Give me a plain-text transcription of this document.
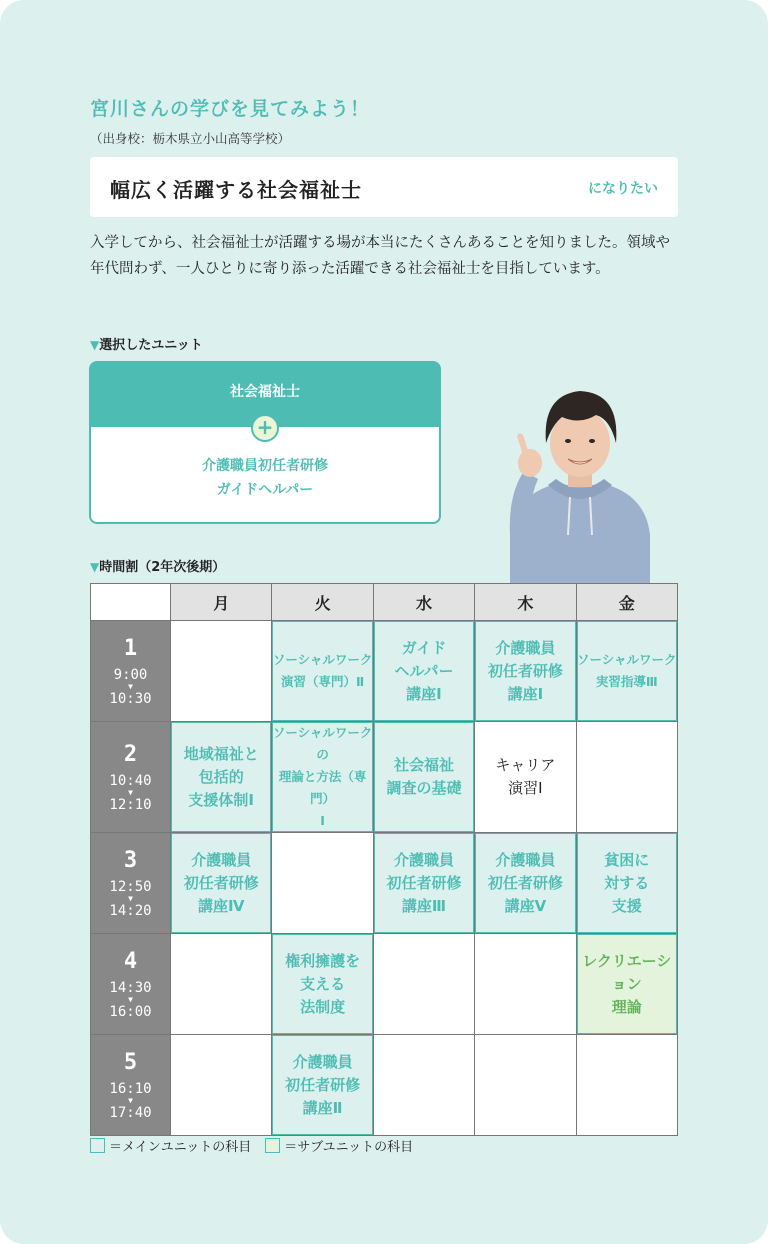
宮川さんの学びを見てみよう！
（出身校：栃木県立小山高等学校）
幅広く活躍する社会福祉士	になりたい

入学してから、社会福祉士が活躍する場が本当にたくさんあることを知りました。領域や年代問わず、一人ひとりに寄り添った活躍できる社会福祉士を目指しています。

▼選択したユニット
社会福祉士
介護職員初任者研修
ガイドヘルパー
+
▼時間割（2年次後期）
	月	火	水	木	金

1
9:00
▼
10:30		ソーシャルワーク
演習（専門）Ⅱ	ガイド
ヘルパー
講座Ⅰ	介護職員
初任者研修
講座Ⅰ	ソーシャルワーク
実習指導Ⅲ

2
10:40
▼
12:10	地域福祉と
包括的
支援体制Ⅰ	ソーシャルワークの
理論と方法（専門）
Ⅰ	社会福祉
調査の基礎	キャリア
演習Ⅰ	

3
12:50
▼
14:20	介護職員
初任者研修
講座Ⅳ		介護職員
初任者研修
講座Ⅲ	介護職員
初任者研修
講座Ⅴ	貧困に
対する
支援

4
14:30
▼
16:00		権利擁護を
支える
法制度			レクリエーション
理論

5
16:10
▼
17:40		介護職員
初任者研修
講座Ⅱ			
＝メインユニットの科目	＝サブユニットの科目
